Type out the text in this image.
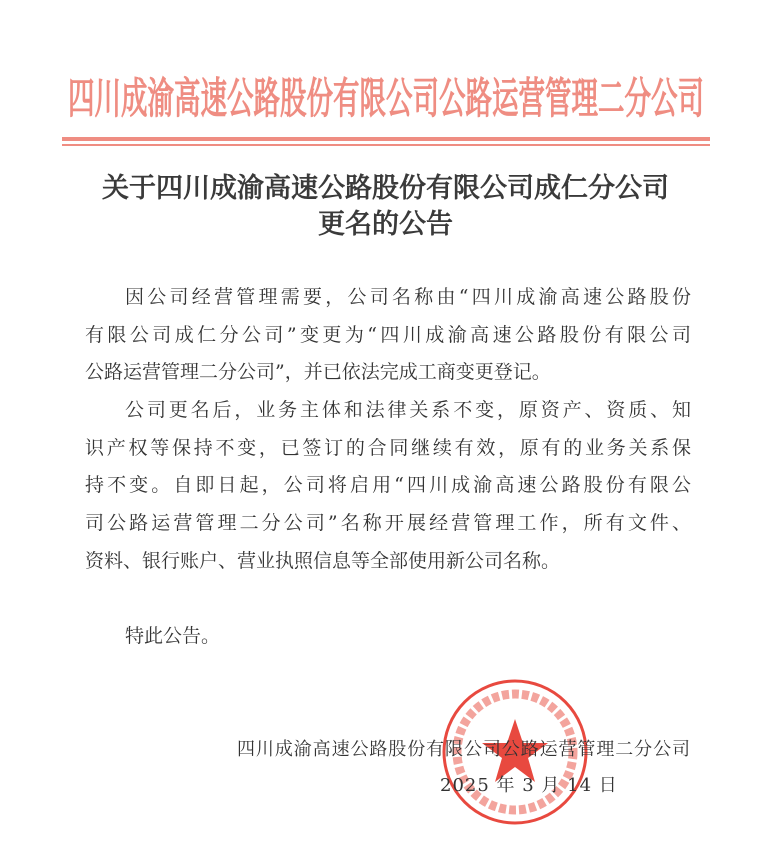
四川成渝高速公路股份有限公司公路运营管理二分公司
关于四川成渝高速公路股份有限公司成仁分公司
更名的公告
因公司经营管理需要，公司名称由“四川成渝高速公路股份
有限公司成仁分公司”变更为“四川成渝高速公路股份有限公司
公路运营管理二分公司”，并已依法完成工商变更登记。
公司更名后，业务主体和法律关系不变，原资产、资质、知
识产权等保持不变，已签订的合同继续有效，原有的业务关系保
持不变。自即日起，公司将启用“四川成渝高速公路股份有限公
司公路运营管理二分公司”名称开展经营管理工作，所有文件、
资料、银行账户、营业执照信息等全部使用新公司名称。
特此公告。
四川成渝高速公路股份有限公司公路运营管理二分公司
2025 年 3 月 14 日
